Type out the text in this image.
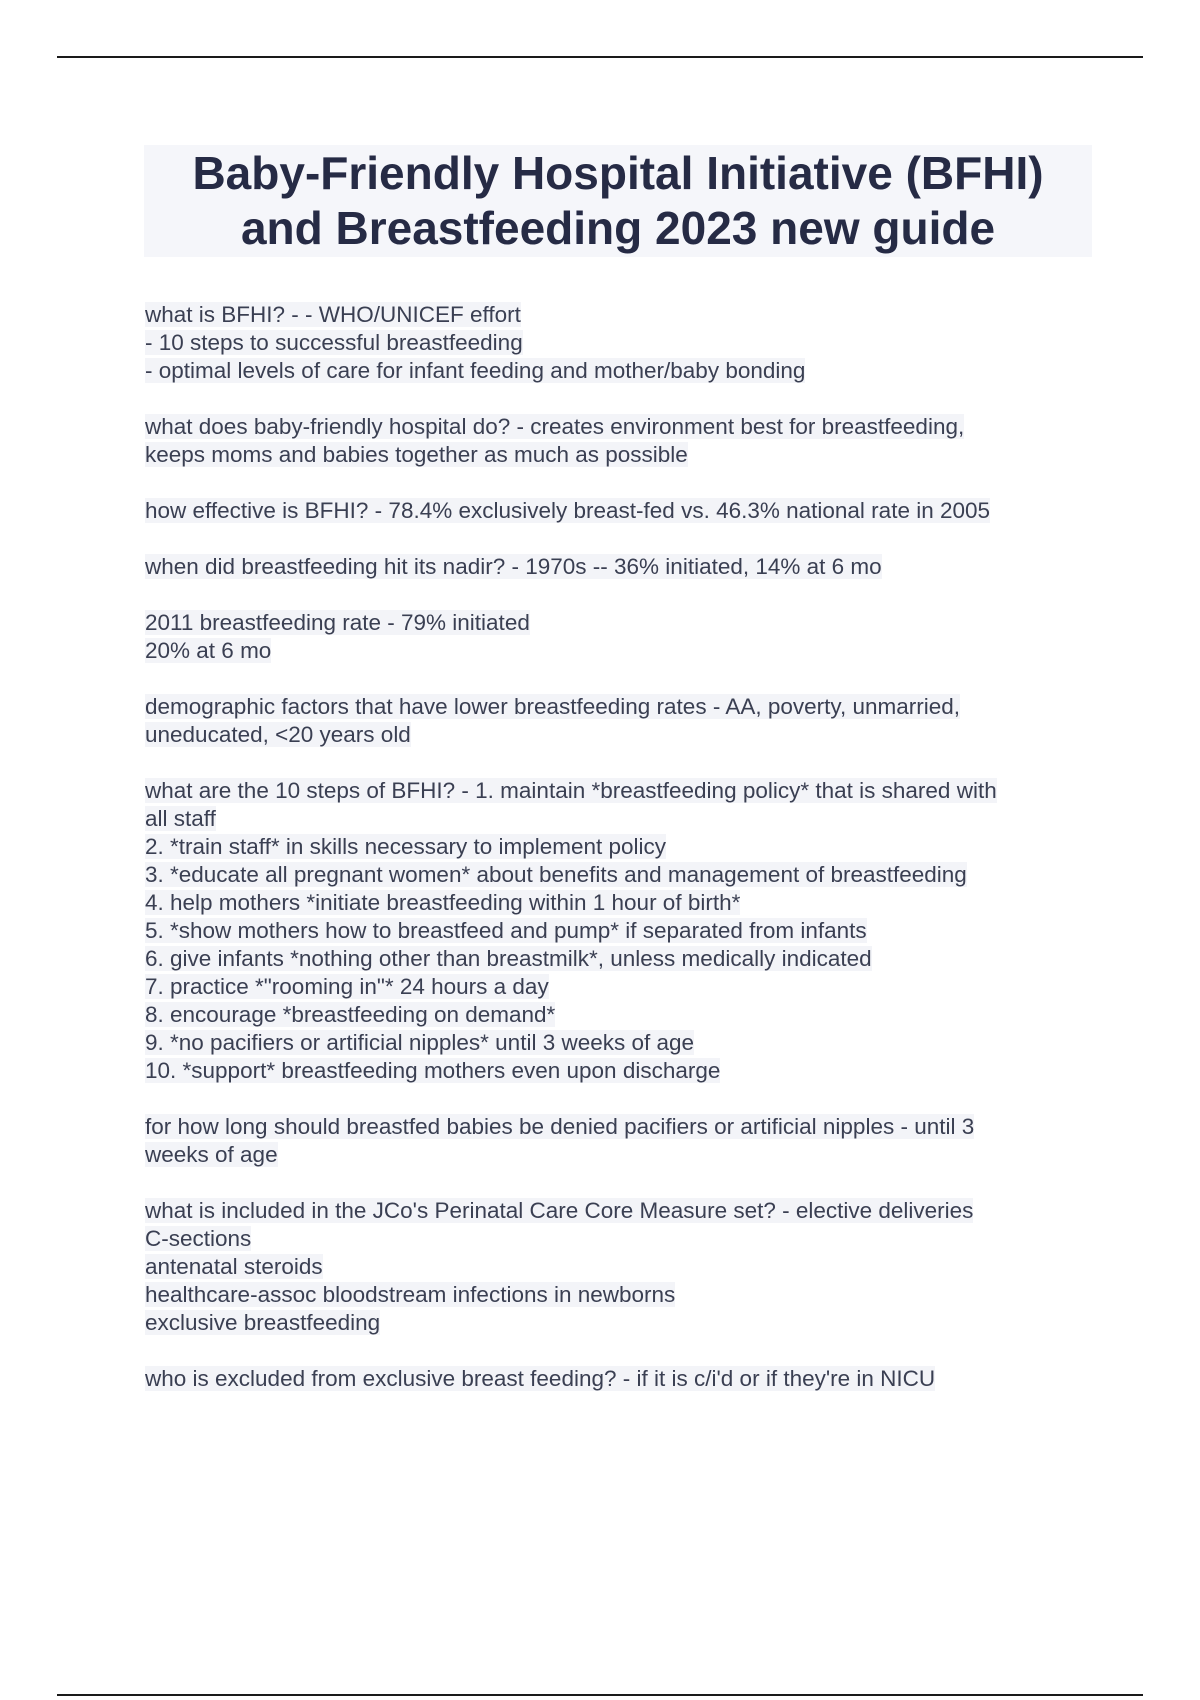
Baby-Friendly Hospital Initiative (BFHI)
and Breastfeeding 2023 new guide
what is BFHI? - - WHO/UNICEF effort
- 10 steps to successful breastfeeding
- optimal levels of care for infant feeding and mother/baby bonding
what does baby-friendly hospital do? - creates environment best for breastfeeding,
keeps moms and babies together as much as possible
how effective is BFHI? - 78.4% exclusively breast-fed vs. 46.3% national rate in 2005
when did breastfeeding hit its nadir? - 1970s -- 36% initiated, 14% at 6 mo
2011 breastfeeding rate - 79% initiated
20% at 6 mo
demographic factors that have lower breastfeeding rates - AA, poverty, unmarried,
uneducated, <20 years old
what are the 10 steps of BFHI? - 1. maintain *breastfeeding policy* that is shared with
all staff
2. *train staff* in skills necessary to implement policy
3. *educate all pregnant women* about benefits and management of breastfeeding
4. help mothers *initiate breastfeeding within 1 hour of birth*
5. *show mothers how to breastfeed and pump* if separated from infants
6. give infants *nothing other than breastmilk*, unless medically indicated
7. practice *"rooming in"* 24 hours a day
8. encourage *breastfeeding on demand*
9. *no pacifiers or artificial nipples* until 3 weeks of age
10. *support* breastfeeding mothers even upon discharge
for how long should breastfed babies be denied pacifiers or artificial nipples - until 3
weeks of age
what is included in the JCo's Perinatal Care Core Measure set? - elective deliveries
C-sections
antenatal steroids
healthcare-assoc bloodstream infections in newborns
exclusive breastfeeding
who is excluded from exclusive breast feeding? - if it is c/i'd or if they're in NICU
